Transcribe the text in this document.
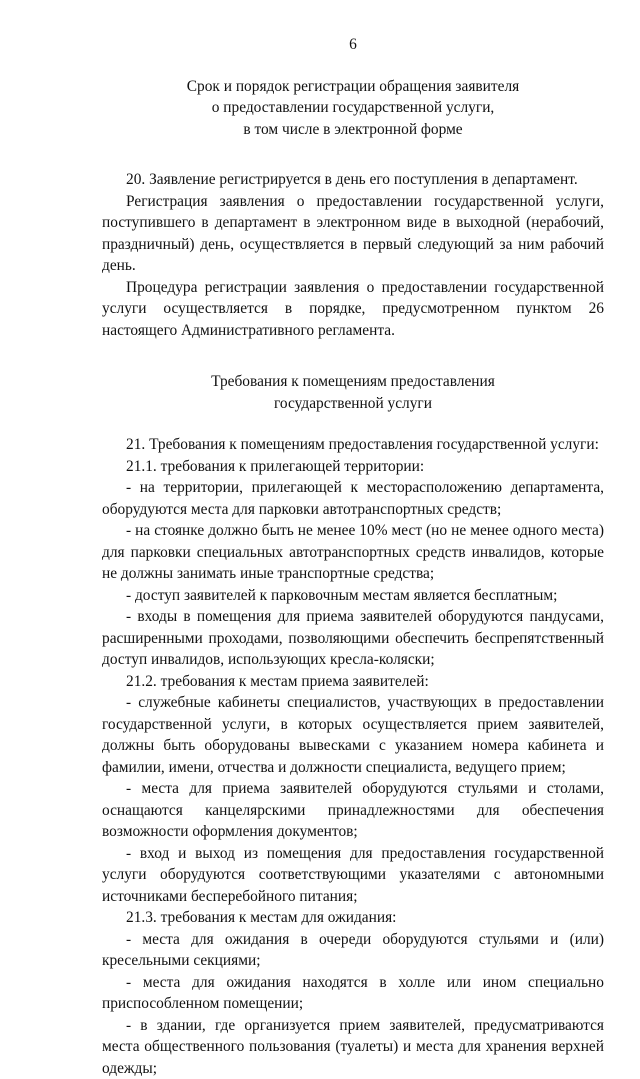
6
Срок и порядок регистрации обращения заявителя
о предоставлении государственной услуги,
в том числе в электронной форме

20. Заявление регистрируется в день его поступления в департамент.

Регистрация заявления о предоставлении государственной услуги, поступившего в департамент в электронном виде в выходной (нерабочий, праздничный) день, осуществляется в первый следующий за ним рабочий день.

Процедура регистрации заявления о предоставлении государственной услуги осуществляется в порядке, предусмотренном пунктом 26 настоящего Административного регламента.

Требования к помещениям предоставления
государственной услуги

21. Требования к помещениям предоставления государственной услуги:

21.1. требования к прилегающей территории:

- на территории, прилегающей к месторасположению департамента, оборудуются места для парковки автотранспортных средств;

- на стоянке должно быть не менее 10% мест (но не менее одного места) для парковки специальных автотранспортных средств инвалидов, которые не должны занимать иные транспортные средства;

- доступ заявителей к парковочным местам является бесплатным;

- входы в помещения для приема заявителей оборудуются пандусами, расширенными проходами, позволяющими обеспечить беспрепятственный доступ инвалидов, использующих кресла-коляски;

21.2. требования к местам приема заявителей:

- служебные кабинеты специалистов, участвующих в предоставлении государственной услуги, в которых осуществляется прием заявителей, должны быть оборудованы вывесками с указанием номера кабинета и фамилии, имени, отчества и должности специалиста, ведущего прием;

- места для приема заявителей оборудуются стульями и столами, оснащаются канцелярскими принадлежностями для обеспечения возможности оформления документов;

- вход и выход из помещения для предоставления государственной услуги оборудуются соответствующими указателями с автономными источниками бесперебойного питания;

21.3. требования к местам для ожидания:

- места для ожидания в очереди оборудуются стульями и (или) кресельными секциями;

- места для ожидания находятся в холле или ином специально приспособленном помещении;

- в здании, где организуется прием заявителей, предусматриваются места общественного пользования (туалеты) и места для хранения верхней одежды;
